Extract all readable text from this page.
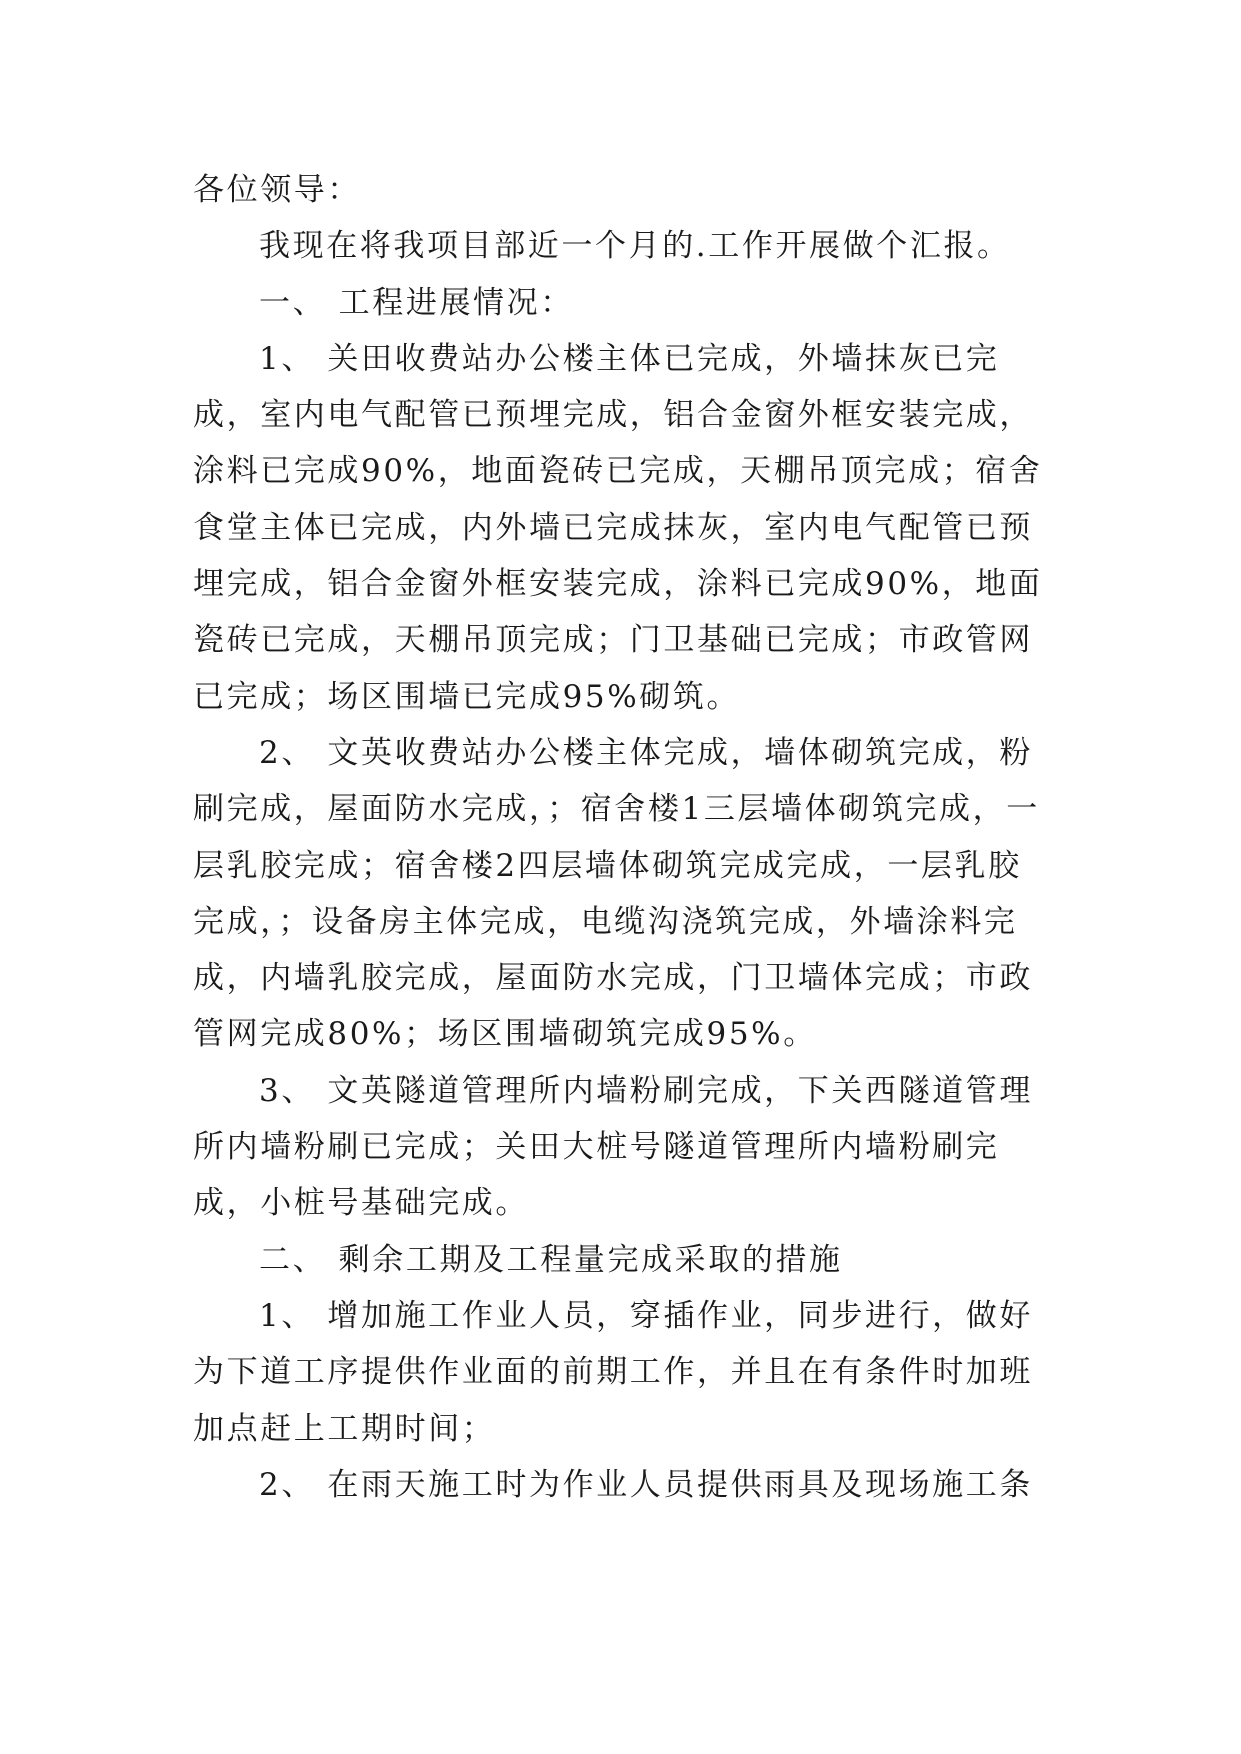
各位领导：

我现在将我项目部近一个月的.工作开展做个汇报。

一、 工程进展情况：

1、 关田收费站办公楼主体已完成，外墙抹灰已完成，室内电气配管已预埋完成，铝合金窗外框安装完成，涂料已完成90%，地面瓷砖已完成，天棚吊顶完成；宿舍食堂主体已完成，内外墙已完成抹灰，室内电气配管已预埋完成，铝合金窗外框安装完成，涂料已完成90%，地面瓷砖已完成，天棚吊顶完成；门卫基础已完成；市政管网已完成；场区围墙已完成95%砌筑。

2、 文英收费站办公楼主体完成，墙体砌筑完成，粉刷完成，屋面防水完成，；宿舍楼1三层墙体砌筑完成，一层乳胶完成；宿舍楼2四层墙体砌筑完成完成，一层乳胶完成，；设备房主体完成，电缆沟浇筑完成，外墙涂料完成，内墙乳胶完成，屋面防水完成，门卫墙体完成；市政管网完成80%；场区围墙砌筑完成95%。

3、 文英隧道管理所内墙粉刷完成，下关西隧道管理所内墙粉刷已完成；关田大桩号隧道管理所内墙粉刷完成，小桩号基础完成。

二、 剩余工期及工程量完成采取的措施

1、 增加施工作业人员，穿插作业，同步进行，做好为下道工序提供作业面的前期工作，并且在有条件时加班加点赶上工期时间；

2、 在雨天施工时为作业人员提供雨具及现场施工条
